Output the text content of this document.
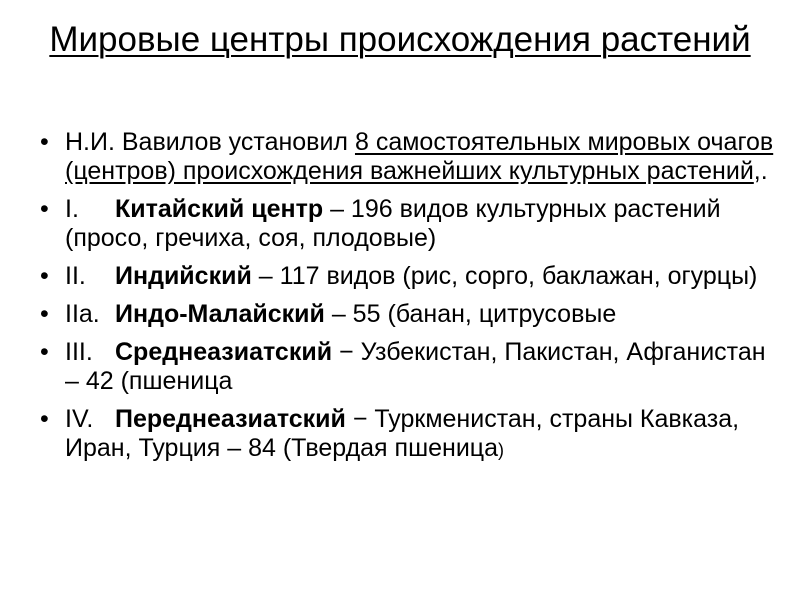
Мировые центры происхождения растений
• Н.И. Вавилов установил 8 самостоятельных мировых очагов (центров) происхождения важнейших культурных растений,.
• I. Китайский центр – 196 видов культурных растений (просо, гречиха, соя, плодовые)
• II. Индийский – 117 видов (рис, сорго, баклажан, огурцы)
• IIa. Индо-Малайский – 55 (банан, цитрусовые
• III. Среднеазиатский − Узбекистан, Пакистан, Афганистан – 42 (пшеница
• IV. Переднеазиатский − Туркменистан, страны Кавказа, Иран, Турция – 84 (Твердая пшеница)
